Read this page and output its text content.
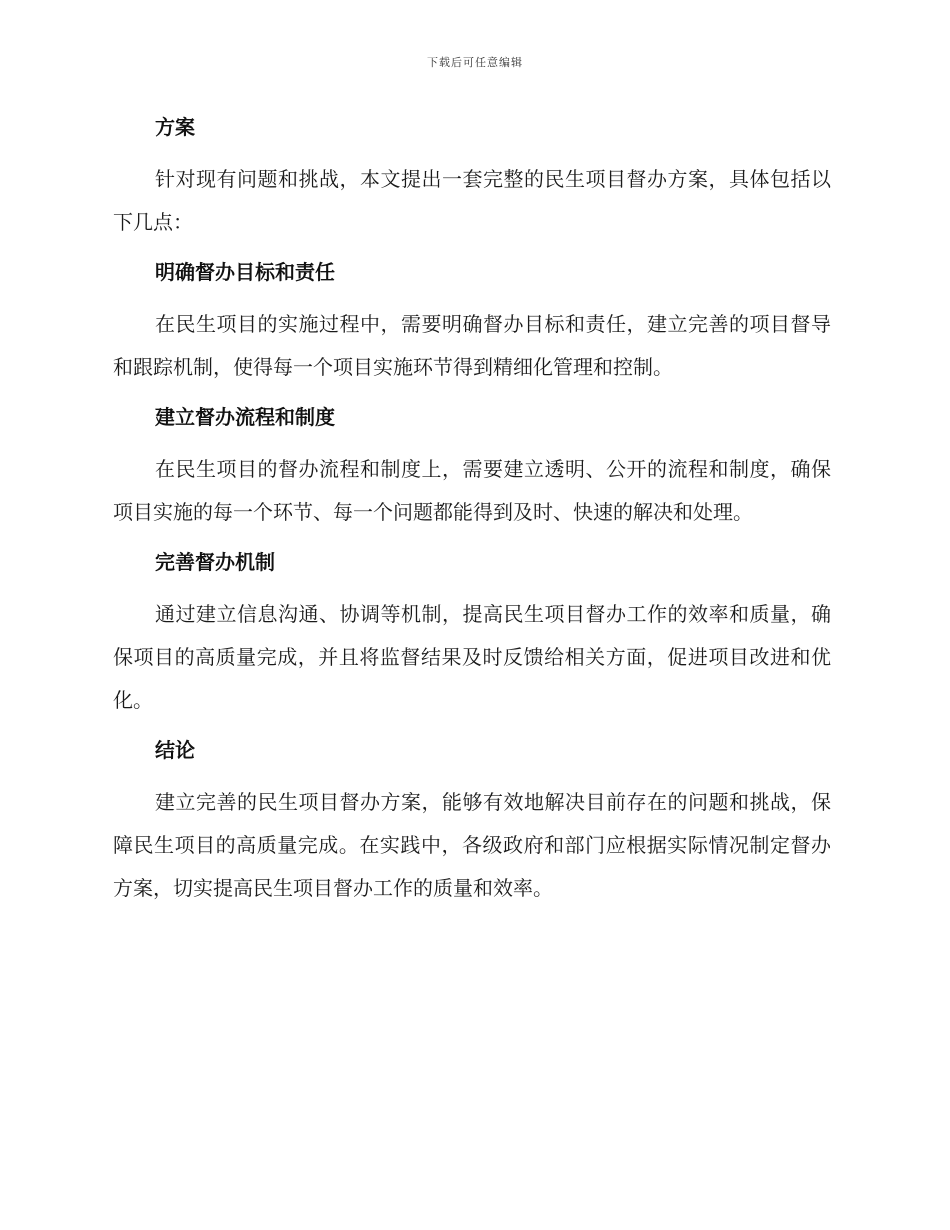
下载后可任意编辑
方案

针对现有问题和挑战，本文提出一套完整的民生项目督办方案，具体包括以下几点：

明确督办目标和责任

在民生项目的实施过程中，需要明确督办目标和责任，建立完善的项目督导和跟踪机制，使得每一个项目实施环节得到精细化管理和控制。

建立督办流程和制度

在民生项目的督办流程和制度上，需要建立透明、公开的流程和制度，确保项目实施的每一个环节、每一个问题都能得到及时、快速的解决和处理。

完善督办机制

通过建立信息沟通、协调等机制，提高民生项目督办工作的效率和质量，确保项目的高质量完成，并且将监督结果及时反馈给相关方面，促进项目改进和优化。

结论

建立完善的民生项目督办方案，能够有效地解决目前存在的问题和挑战，保障民生项目的高质量完成。在实践中，各级政府和部门应根据实际情况制定督办方案，切实提高民生项目督办工作的质量和效率。
